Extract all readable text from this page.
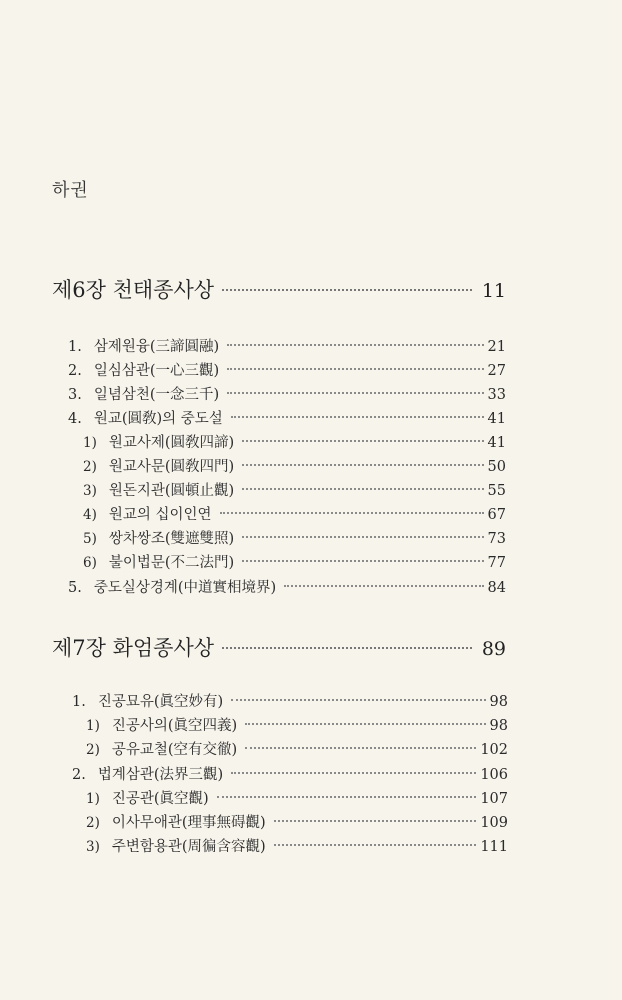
하권
제6장 천태종사상	11
1. 삼제원융(三諦圓融)	21
2. 일심삼관(一心三觀)	27
3. 일념삼천(一念三千)	33
4. 원교(圓敎)의 중도설	41
1) 원교사제(圓敎四諦)	41
2) 원교사문(圓敎四門)	50
3) 원돈지관(圓頓止觀)	55
4) 원교의 십이인연	67
5) 쌍차쌍조(雙遮雙照)	73
6) 불이법문(不二法門)	77
5. 중도실상경계(中道實相境界)	84
제7장 화엄종사상	89
1. 진공묘유(眞空妙有)	98
1) 진공사의(眞空四義)	98
2) 공유교철(空有交徹)	102
2. 법계삼관(法界三觀)	106
1) 진공관(眞空觀)	107
2) 이사무애관(理事無碍觀)	109
3) 주변함용관(周徧含容觀)	111
